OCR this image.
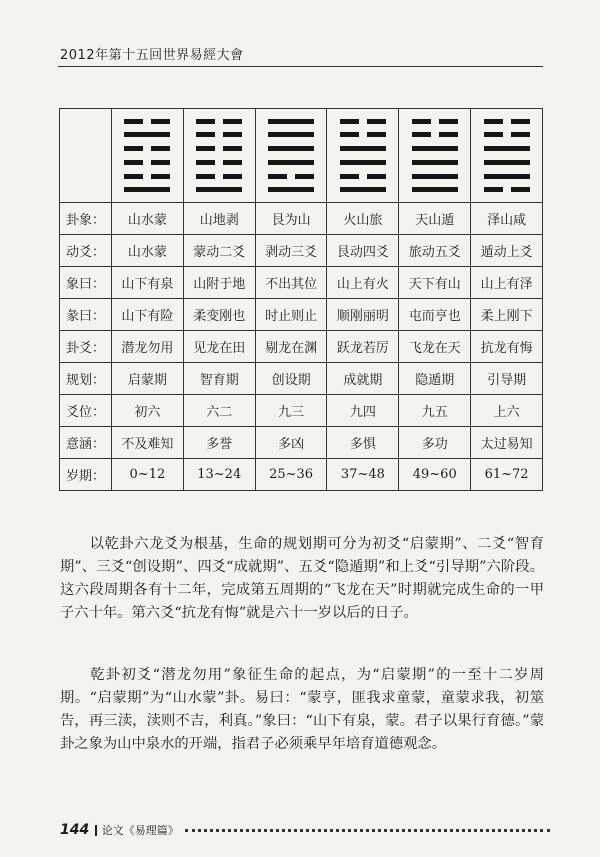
2012年第十五回世界易經大會

卦象：	山水蒙	山地剥	艮为山	火山旅	天山遁	泽山咸
动爻：	山水蒙	蒙动二爻	剥动三爻	艮动四爻	旅动五爻	遁动上爻
象曰：	山下有泉	山附于地	不出其位	山上有火	天下有山	山上有泽
彖曰：	山下有险	柔变刚也	时止则止	顺刚丽明	屯而亨也	柔上刚下
卦爻：	潜龙勿用	见龙在田	剔龙在渊	跃龙若厉	飞龙在天	抗龙有悔
规划：	启蒙期	智育期	创设期	成就期	隐遁期	引导期
爻位：	初六	六二	九三	九四	九五	上六
意涵：	不及难知	多誉	多凶	多惧	多功	太过易知
岁期：	0~12	13~24	25~36	37~48	49~60	61~72

以乾卦六龙爻为根基，生命的规划期可分为初爻“启蒙期”、二爻“智育期”、三爻“创设期”、四爻“成就期”、五爻“隐遁期”和上爻“引导期”六阶段。这六段周期各有十二年，完成第五周期的“飞龙在天”时期就完成生命的一甲子六十年。第六爻“抗龙有悔”就是六十一岁以后的日子。

乾卦初爻“潜龙勿用”象征生命的起点，为“启蒙期”的一至十二岁周期。“启蒙期”为“山水蒙”卦。易曰：“蒙亨，匪我求童蒙，童蒙求我，初筮告，再三渎，渎则不吉，利真。”象曰：“山下有泉，蒙。君子以果行育德。”蒙卦之象为山中泉水的开端，指君子必须乘早年培育道德观念。

144 论文《易理篇》
